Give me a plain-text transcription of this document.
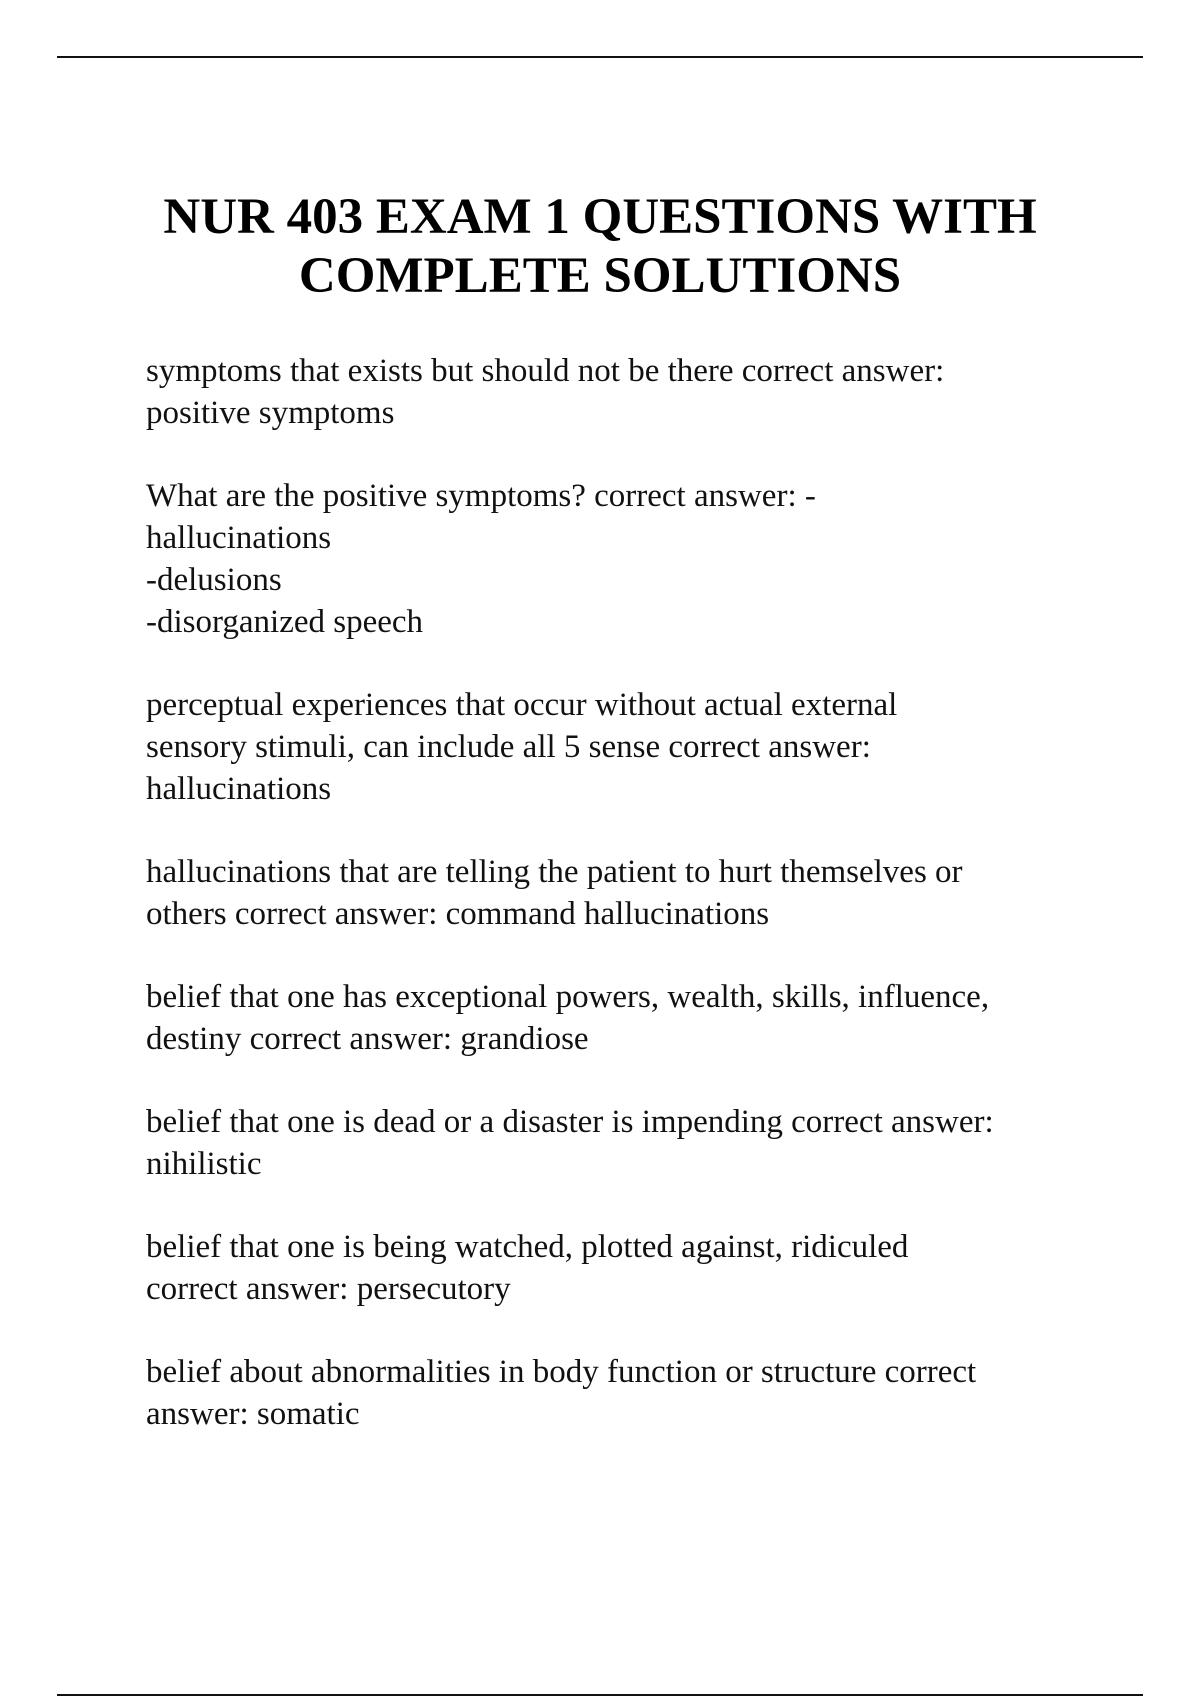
NUR 403 EXAM 1 QUESTIONS WITH
COMPLETE SOLUTIONS
symptoms that exists but should not be there correct answer:
positive symptoms
What are the positive symptoms? correct answer: -
hallucinations
-delusions
-disorganized speech
perceptual experiences that occur without actual external
sensory stimuli, can include all 5 sense correct answer:
hallucinations
hallucinations that are telling the patient to hurt themselves or
others correct answer: command hallucinations
belief that one has exceptional powers, wealth, skills, influence,
destiny correct answer: grandiose
belief that one is dead or a disaster is impending correct answer:
nihilistic
belief that one is being watched, plotted against, ridiculed
correct answer: persecutory
belief about abnormalities in body function or structure correct
answer: somatic
